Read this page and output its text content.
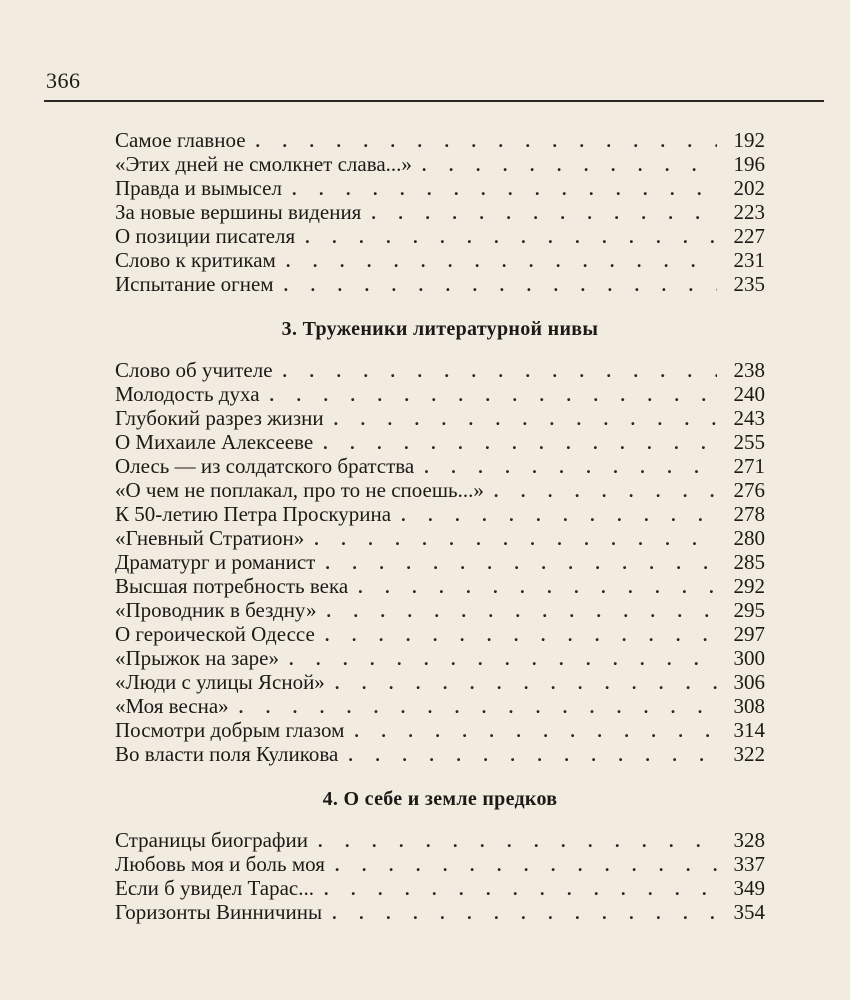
366
Самое главное . . .	192
«Этих дней не смолкнет слава...» . . .	196
Правда и вымысел . . .	202
За новые вершины видения . . .	223
О позиции писателя . . .	227
Слово к критикам . . .	231
Испытание огнем . . .	235
3. Труженики литературной нивы
Слово об учителе . . .	238
Молодость духа . . .	240
Глубокий разрез жизни . . .	243
О Михаиле Алексееве . . .	255
Олесь — из солдатского братства . . .	271
«О чем не поплакал, про то не споешь...» . . .	276
К 50-летию Петра Проскурина . . .	278
«Гневный Стратион» . . .	280
Драматург и романист . . .	285
Высшая потребность века . . .	292
«Проводник в бездну» . . .	295
О героической Одессе . . .	297
«Прыжок на заре» . . .	300
«Люди с улицы Ясной» . . .	306
«Моя весна» . . .	308
Посмотри добрым глазом . . .	314
Во власти поля Куликова . . .	322
4. О себе и земле предков
Страницы биографии . . .	328
Любовь моя и боль моя . . .	337
Если б увидел Тарас... . . .	349
Горизонты Винничины . . .	354
